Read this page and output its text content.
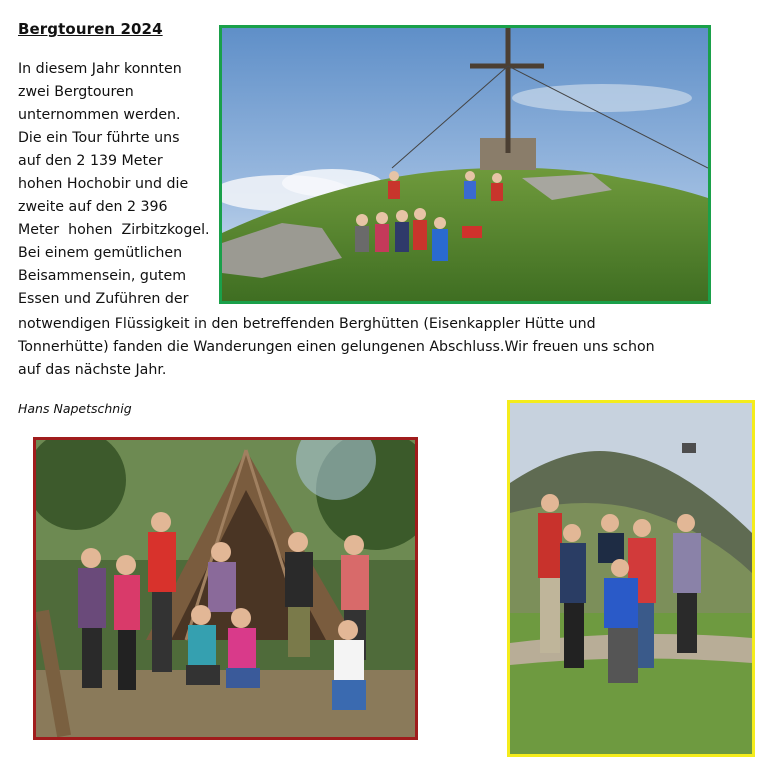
Bergtouren 2024

In diesem Jahr konnten

zwei Bergtouren

unternommen werden.

Die ein Tour führte uns

auf den 2 139 Meter

hohen Hochobir und die

zweite auf den 2 396

Meter  hohen  Zirbitzkogel.

Bei einem gemütlichen

Beisammensein, gutem

Essen und Zuführen der

notwendigen Flüssigkeit in den betreffenden Berghütten (Eisenkappler Hütte und

Tonnerhütte) fanden die Wanderungen einen gelungenen Abschluss.Wir freuen uns schon

auf das nächste Jahr.

Hans Napetschnig
